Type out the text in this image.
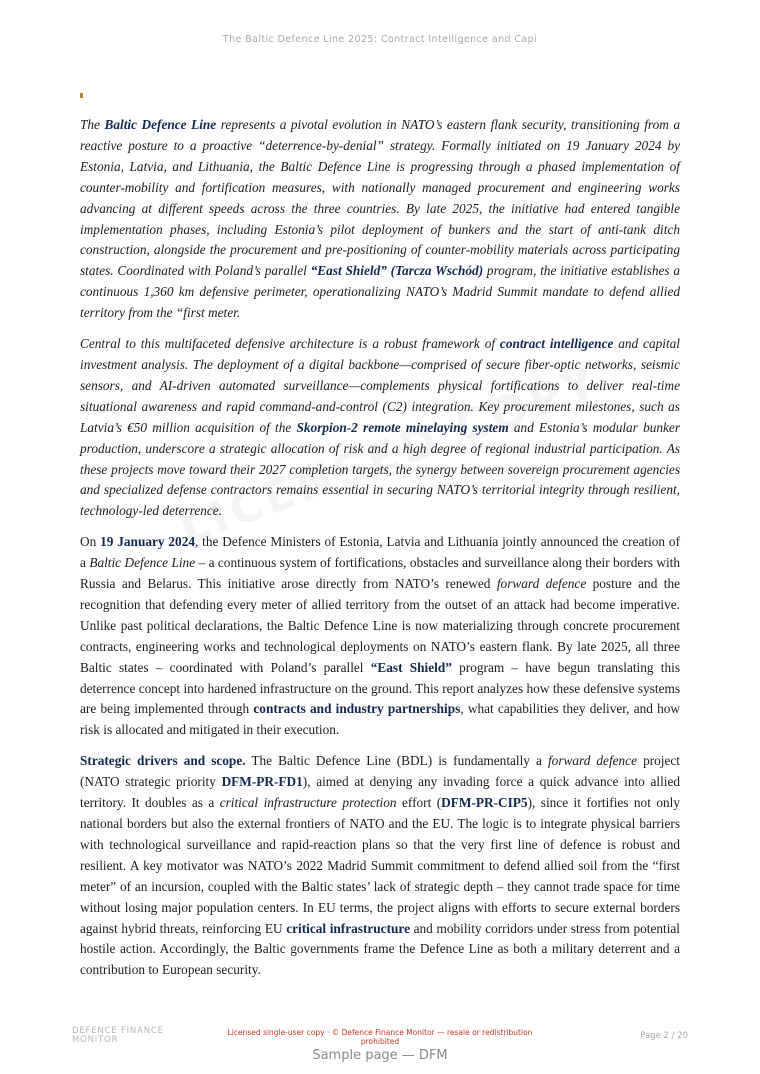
The Baltic Defence Line 2025: Contract Intelligence and Capi

The Baltic Defence Line represents a pivotal evolution in NATO’s eastern flank security, transitioning from a reactive posture to a proactive “deterrence-by-denial” strategy. Formally initiated on 19 January 2024 by Estonia, Latvia, and Lithuania, the Baltic Defence Line is progressing through a phased implementation of counter-mobility and fortification measures, with nationally managed procurement and engineering works advancing at different speeds across the three countries. By late 2025, the initiative had entered tangible implementation phases, including Estonia’s pilot deployment of bunkers and the start of anti-tank ditch construction, alongside the procurement and pre-positioning of counter-mobility materials across participating states. Coordinated with Poland’s parallel “East Shield” (Tarcza Wschód) program, the initiative establishes a continuous 1,360 km defensive perimeter, operationalizing NATO’s Madrid Summit mandate to defend allied territory from the “first meter.

Central to this multifaceted defensive architecture is a robust framework of contract intelligence and capital investment analysis. The deployment of a digital backbone—comprised of secure fiber-optic networks, seismic sensors, and AI-driven automated surveillance—complements physical fortifications to deliver real-time situational awareness and rapid command-and-control (C2) integration. Key procurement milestones, such as Latvia’s €50 million acquisition of the Skorpion-2 remote minelaying system and Estonia’s modular bunker production, underscore a strategic allocation of risk and a high degree of regional industrial participation. As these projects move toward their 2027 completion targets, the synergy between sovereign procurement agencies and specialized defense contractors remains essential in securing NATO’s territorial integrity through resilient, technology-led deterrence.

On 19 January 2024, the Defence Ministers of Estonia, Latvia and Lithuania jointly announced the creation of a Baltic Defence Line – a continuous system of fortifications, obstacles and surveillance along their borders with Russia and Belarus. This initiative arose directly from NATO’s renewed forward defence posture and the recognition that defending every meter of allied territory from the outset of an attack had become imperative. Unlike past political declarations, the Baltic Defence Line is now materializing through concrete procurement contracts, engineering works and technological deployments on NATO’s eastern flank. By late 2025, all three Baltic states – coordinated with Poland’s parallel “East Shield” program – have begun translating this deterrence concept into hardened infrastructure on the ground. This report analyzes how these defensive systems are being implemented through contracts and industry partnerships, what capabilities they deliver, and how risk is allocated and mitigated in their execution.

Strategic drivers and scope. The Baltic Defence Line (BDL) is fundamentally a forward defence project (NATO strategic priority DFM-PR-FD1), aimed at denying any invading force a quick advance into allied territory. It doubles as a critical infrastructure protection effort (DFM-PR-CIP5), since it fortifies not only national borders but also the external frontiers of NATO and the EU. The logic is to integrate physical barriers with technological surveillance and rapid-reaction plans so that the very first line of defence is robust and resilient. A key motivator was NATO’s 2022 Madrid Summit commitment to defend allied soil from the “first meter” of an incursion, coupled with the Baltic states’ lack of strategic depth – they cannot trade space for time without losing major population centers. In EU terms, the project aligns with efforts to secure external borders against hybrid threats, reinforcing EU critical infrastructure and mobility corridors under stress from potential hostile action. Accordingly, the Baltic governments frame the Defence Line as both a military deterrent and a contribution to European security.

DEFENCE FINANCE
MONITOR
Licensed single-user copy · © Defence Finance Monitor — resale or redistribution
prohibited
Page 2 / 20
Sample page — DFM
